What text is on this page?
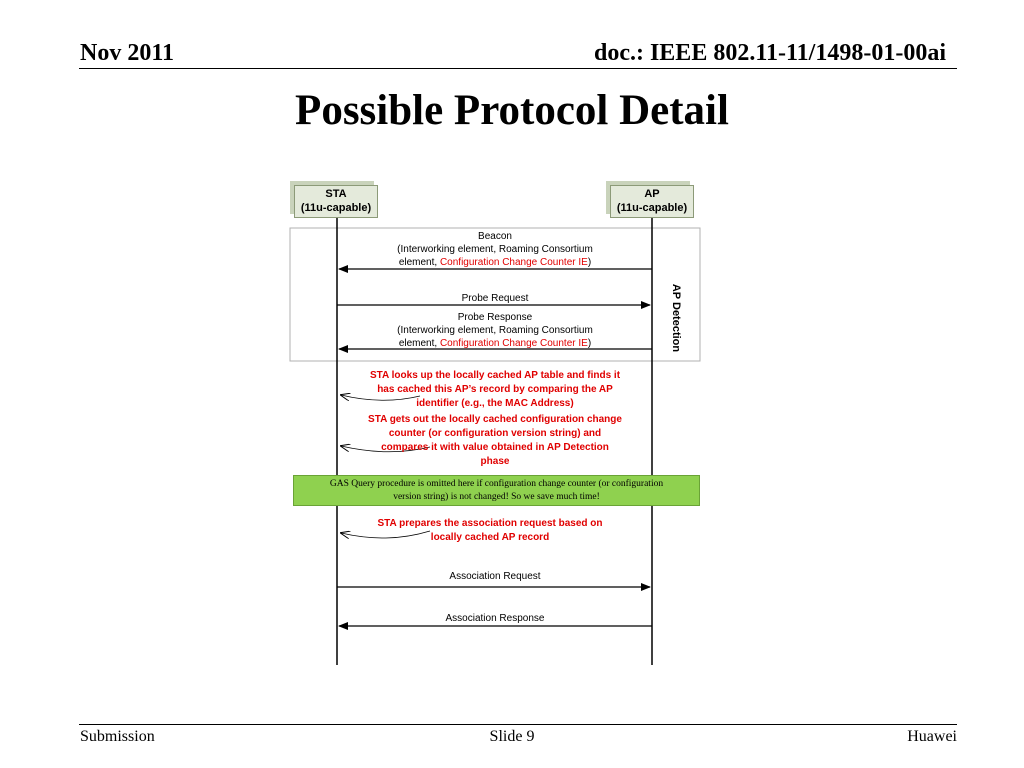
Nov 2011	doc.: IEEE 802.11-11/1498-01-00ai
Possible Protocol Detail
STA
(11u-capable)
AP
(11u-capable)
AP Detection
Beacon
(Interworking element, Roaming Consortium
element, Configuration Change Counter IE)
Probe Request
Probe Response
(Interworking element, Roaming Consortium
element, Configuration Change Counter IE)
STA looks up the locally cached AP table and finds it
has cached this AP’s record by comparing the AP
identifier (e.g., the MAC Address)
STA gets out the locally cached configuration change
counter (or configuration version string) and
compares it with value obtained in AP Detection
phase
GAS Query procedure is omitted here if configuration change counter (or configuration
version string) is not changed! So we save much time!
STA prepares the association request based on
locally cached AP record
Association Request
Association Response
Submission	Slide 9	Huawei
